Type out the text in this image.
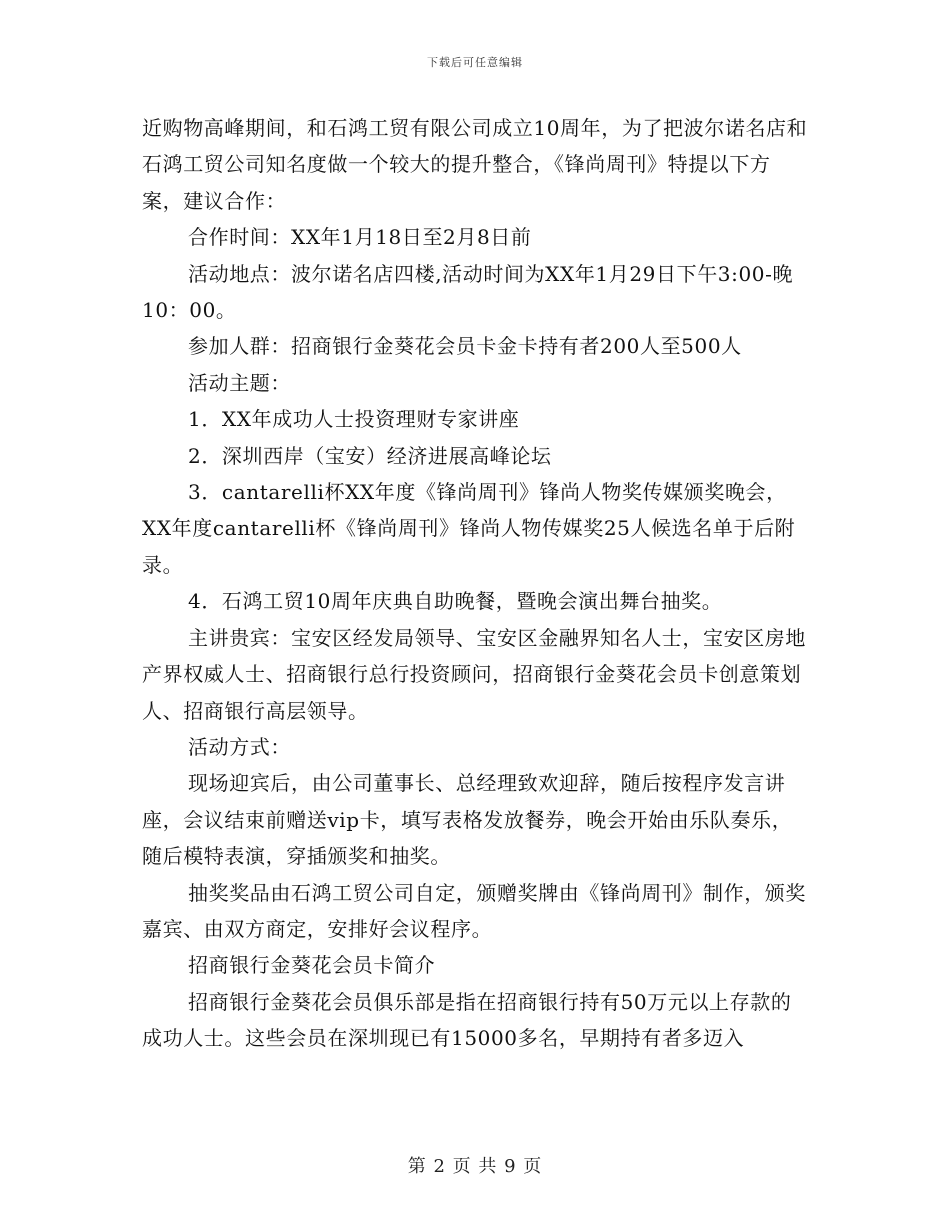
下载后可任意编辑

近购物高峰期间，和石鸿工贸有限公司成立10周年，为了把波尔诺名店和石鸿工贸公司知名度做一个较大的提升整合，《锋尚周刊》特提以下方案，建议合作：

合作时间：XX年1月18日至2月8日前

活动地点：波尔诺名店四楼,活动时间为XX年1月29日下午3:00-晚10：00。

参加人群：招商银行金葵花会员卡金卡持有者200人至500人

活动主题：

1．XX年成功人士投资理财专家讲座

2．深圳西岸（宝安）经济进展高峰论坛

3．cantarelli杯XX年度《锋尚周刊》锋尚人物奖传媒颁奖晚会，XX年度cantarelli杯《锋尚周刊》锋尚人物传媒奖25人候选名单于后附录。

4．石鸿工贸10周年庆典自助晚餐，暨晚会演出舞台抽奖。

主讲贵宾：宝安区经发局领导、宝安区金融界知名人士，宝安区房地产界权威人士、招商银行总行投资顾问，招商银行金葵花会员卡创意策划人、招商银行高层领导。

活动方式：

现场迎宾后，由公司董事长、总经理致欢迎辞，随后按程序发言讲座，会议结束前赠送vip卡，填写表格发放餐券，晚会开始由乐队奏乐，随后模特表演，穿插颁奖和抽奖。

抽奖奖品由石鸿工贸公司自定，颁赠奖牌由《锋尚周刊》制作，颁奖嘉宾、由双方商定，安排好会议程序。

招商银行金葵花会员卡简介

招商银行金葵花会员俱乐部是指在招商银行持有50万元以上存款的成功人士。这些会员在深圳现已有15000多名，早期持有者多迈入

第 2 页 共 9 页
